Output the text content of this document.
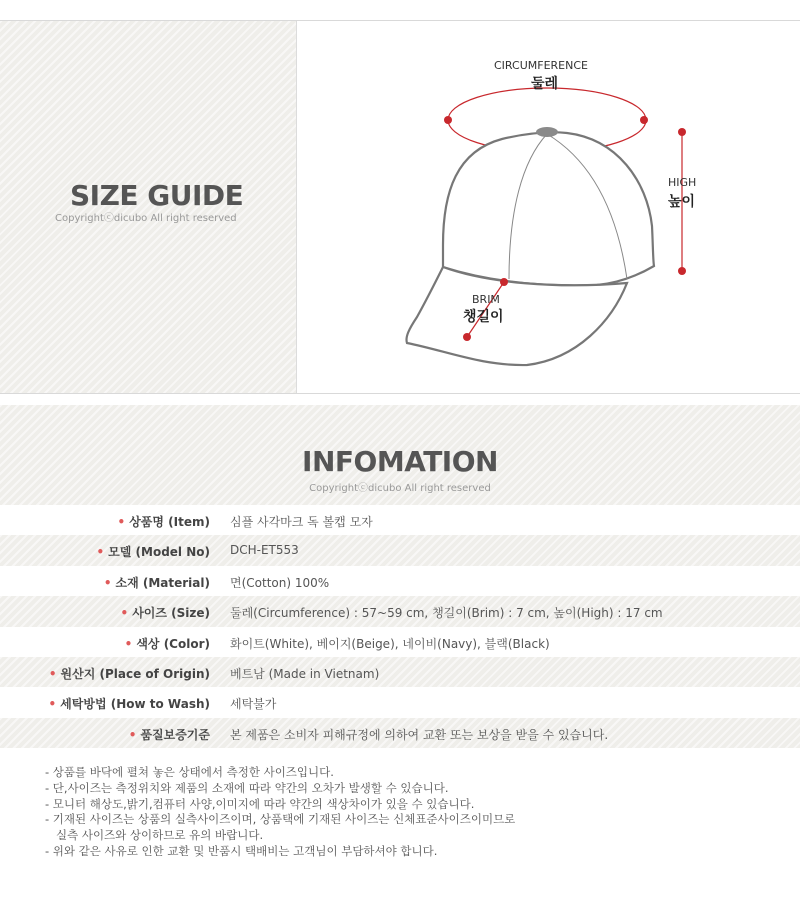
SIZE GUIDE
Copyrightⓒdicubo All right reserved
CIRCUMFERENCE
둘레
HIGH
높이
BRIM
챙길이
INFOMATION
Copyrightⓒdicubo All right reserved
• 상품명 (Item) 심플 사각마크 독 볼캡 모자
• 모델 (Model No) DCH-ET553
• 소재 (Material) 면(Cotton) 100%
• 사이즈 (Size) 둘레(Circumference) : 57~59 cm, 챙길이(Brim) : 7 cm, 높이(High) : 17 cm
• 색상 (Color) 화이트(White), 베이지(Beige), 네이비(Navy), 블랙(Black)
• 원산지 (Place of Origin) 베트남 (Made in Vietnam)
• 세탁방법 (How to Wash) 세탁불가
• 품질보증기준 본 제품은 소비자 피해규정에 의하여 교환 또는 보상을 받을 수 있습니다.
- 상품를 바닥에 펼쳐 놓은 상태에서 측정한 사이즈입니다.
- 단,사이즈는 측정위치와 제품의 소재에 따라 약간의 오차가 발생할 수 있습니다.
- 모니터 해상도,밝기,컴퓨터 사양,이미지에 따라 약간의 색상차이가 있을 수 있습니다.
- 기재된 사이즈는 상품의 실측사이즈이며, 상품택에 기재된 사이즈는 신체표준사이즈이미므로
실측 사이즈와 상이하므로 유의 바랍니다.
- 위와 같은 사유로 인한 교환 및 반품시 택배비는 고객님이 부담하셔야 합니다.
